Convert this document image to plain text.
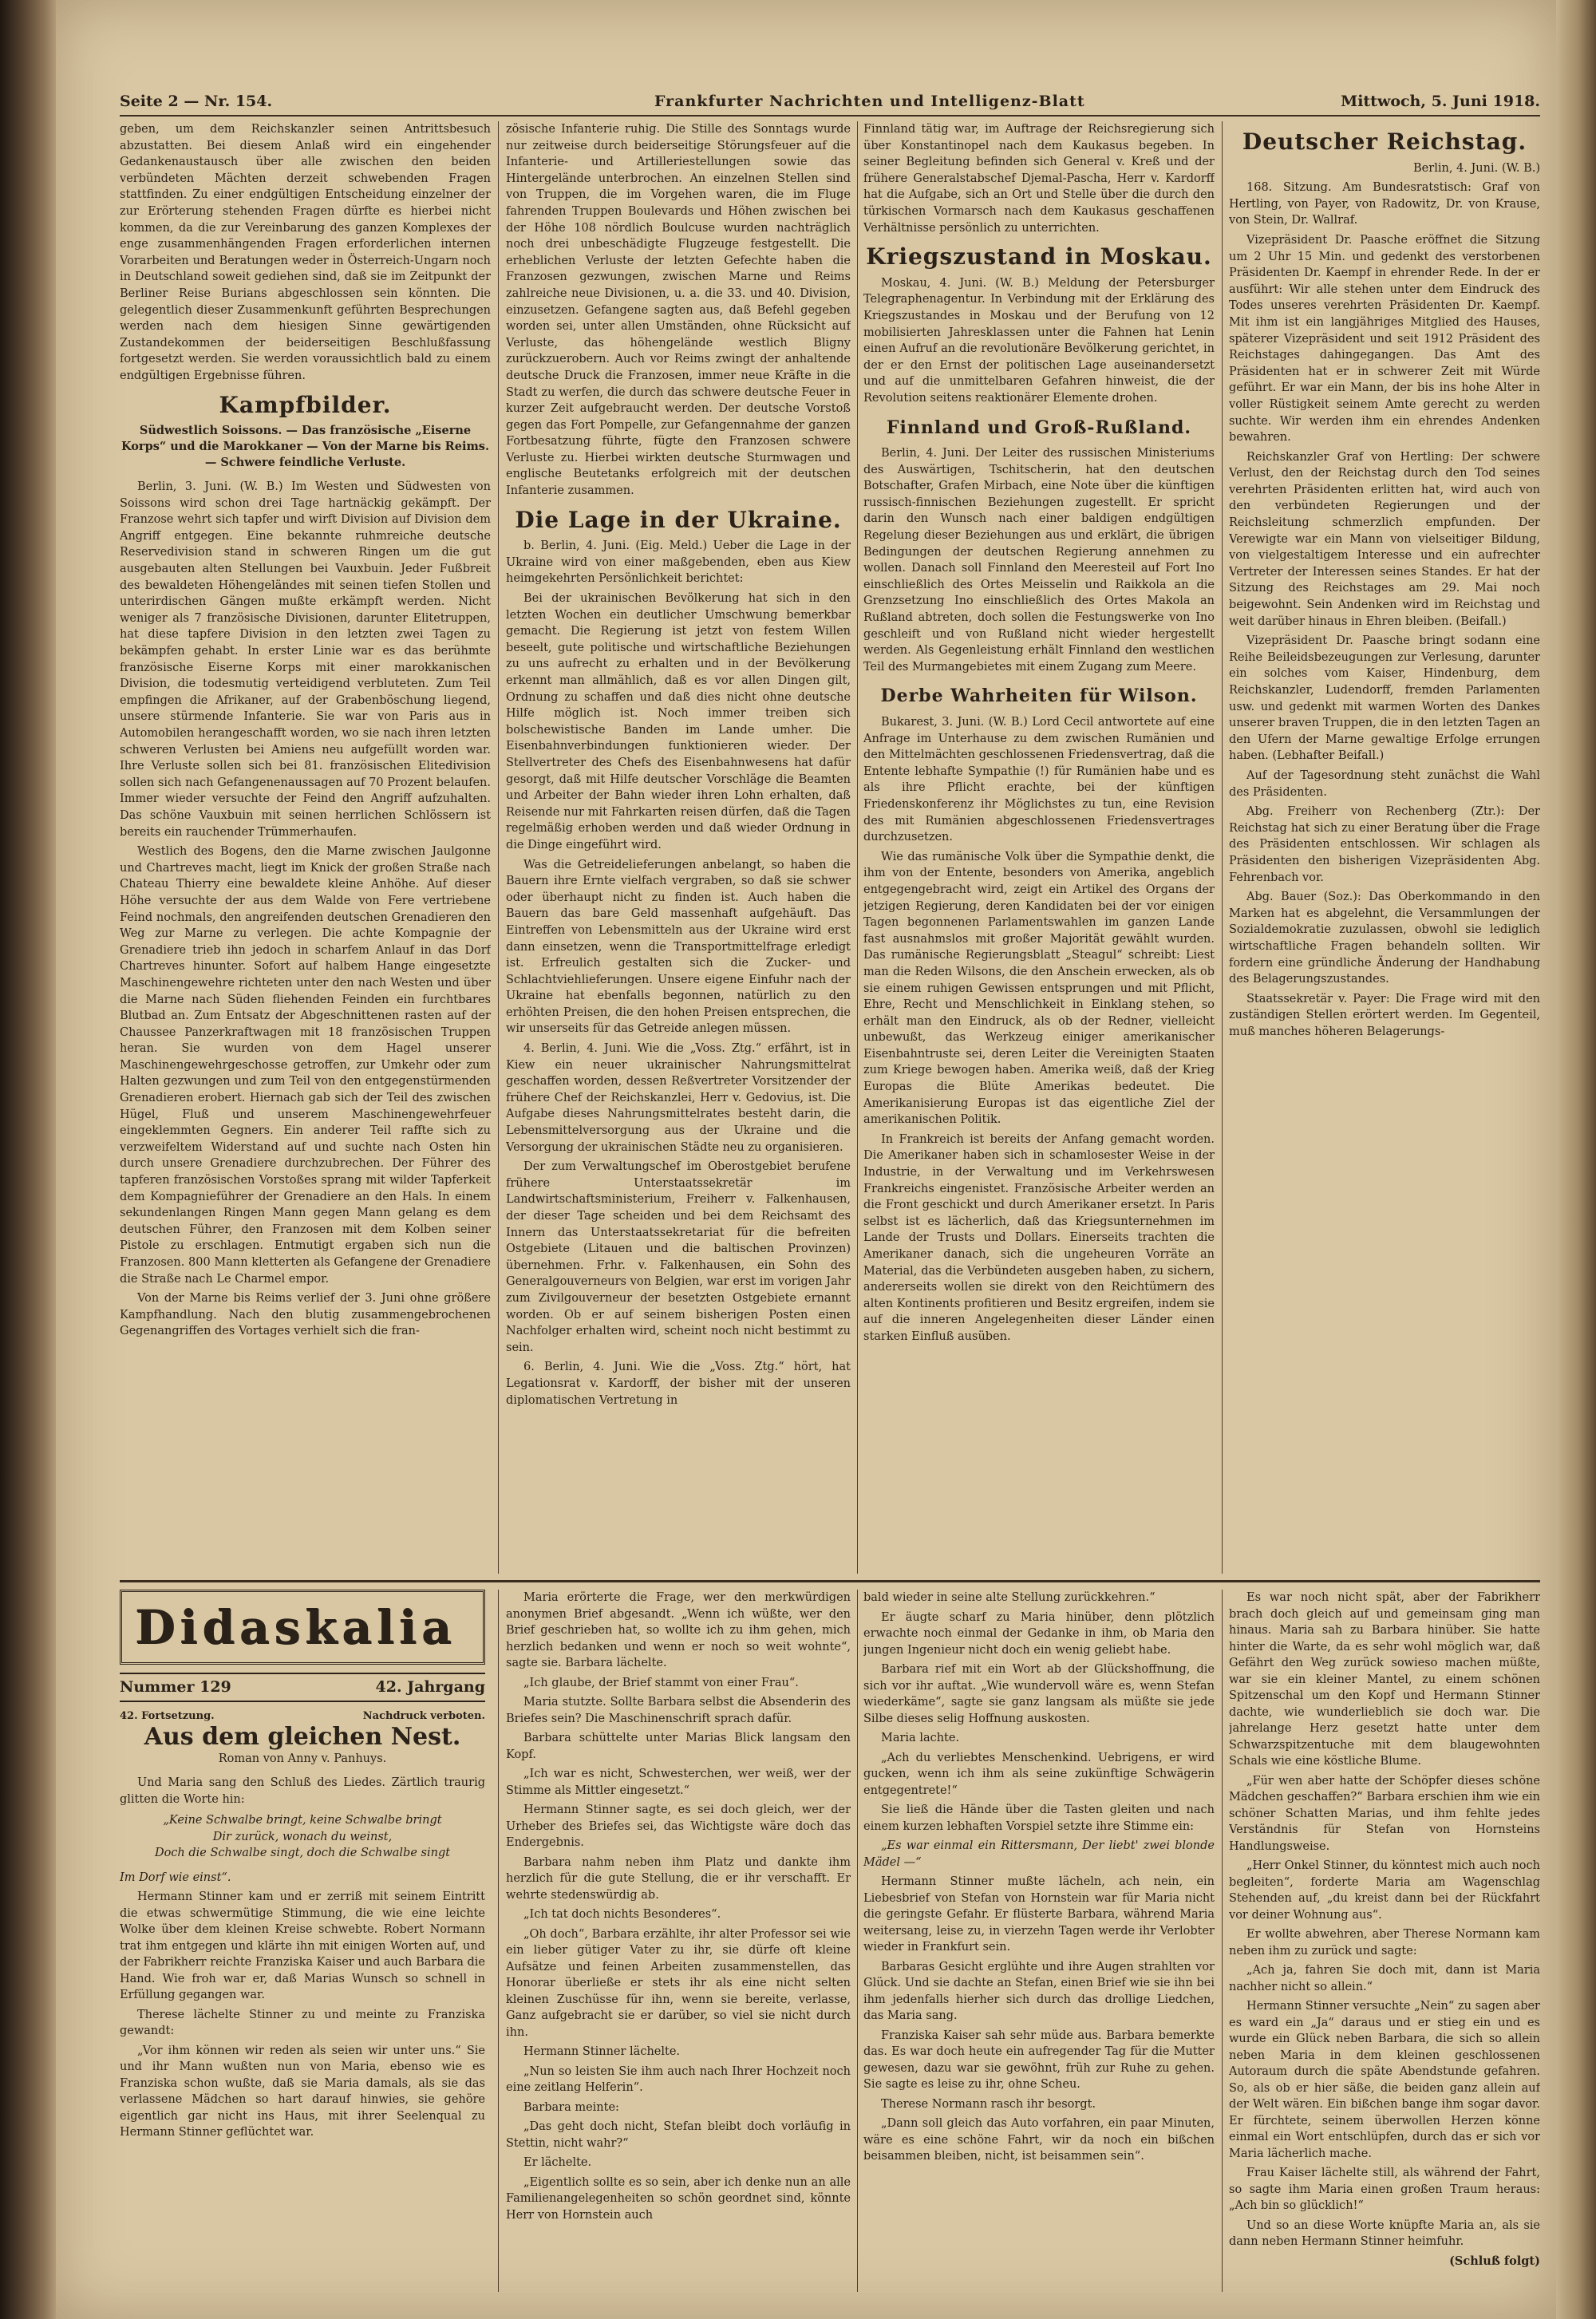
Seite 2 — Nr. 154.	Frankfurter Nachrichten und Intelligenz-Blatt	Mittwoch, 5. Juni 1918.

geben, um dem Reichskanzler seinen Antrittsbesuch abzustatten. Bei diesem Anlaß wird ein eingehender Gedankenaustausch über alle zwischen den beiden verbündeten Mächten derzeit schwebenden Fragen stattfinden. Zu einer endgültigen Entscheidung einzelner der zur Erörterung stehenden Fragen dürfte es hierbei nicht kommen, da die zur Vereinbarung des ganzen Komplexes der enge zusammenhängenden Fragen erforderlichen internen Vorarbeiten und Beratungen weder in Österreich-Ungarn noch in Deutschland soweit gediehen sind, daß sie im Zeitpunkt der Berliner Reise Burians abgeschlossen sein könnten. Die gelegentlich dieser Zusammenkunft geführten Besprechungen werden nach dem hiesigen Sinne gewärtigenden Zustandekommen der beiderseitigen Beschlußfassung fortgesetzt werden. Sie werden voraussichtlich bald zu einem endgültigen Ergebnisse führen.

Kampfbilder.
Südwestlich Soissons. — Das französische „Eiserne Korps“ und die Marokkaner — Von der Marne bis Reims. — Schwere feindliche Verluste.

Berlin, 3. Juni. (W. B.) Im Westen und Südwesten von Soissons wird schon drei Tage hartnäckig gekämpft. Der Franzose wehrt sich tapfer und wirft Division auf Division dem Angriff entgegen. Eine bekannte ruhmreiche deutsche Reservedivision stand in schweren Ringen um die gut ausgebauten alten Stellungen bei Vauxbuin. Jeder Fußbreit des bewaldeten Höhengeländes mit seinen tiefen Stollen und unterirdischen Gängen mußte erkämpft werden. Nicht weniger als 7 französische Divisionen, darunter Elitetruppen, hat diese tapfere Division in den letzten zwei Tagen zu bekämpfen gehabt. In erster Linie war es das berühmte französische Eiserne Korps mit einer marokkanischen Division, die todesmutig verteidigend verbluteten. Zum Teil empfingen die Afrikaner, auf der Grabenböschung liegend, unsere stürmende Infanterie. Sie war von Paris aus in Automobilen herangeschafft worden, wo sie nach ihren letzten schweren Verlusten bei Amiens neu aufgefüllt worden war. Ihre Verluste sollen sich bei 81. französischen Elitedivision sollen sich nach Gefangenenaussagen auf 70 Prozent belaufen. Immer wieder versuchte der Feind den Angriff aufzuhalten. Das schöne Vauxbuin mit seinen herrlichen Schlössern ist bereits ein rauchender Trümmerhaufen.

Westlich des Bogens, den die Marne zwischen Jaulgonne und Chartreves macht, liegt im Knick der großen Straße nach Chateau Thierry eine bewaldete kleine Anhöhe. Auf dieser Höhe versuchte der aus dem Walde von Fere vertriebene Feind nochmals, den angreifenden deutschen Grenadieren den Weg zur Marne zu verlegen. Die achte Kompagnie der Grenadiere trieb ihn jedoch in scharfem Anlauf in das Dorf Chartreves hinunter. Sofort auf halbem Hange eingesetzte Maschinengewehre richteten unter den nach Westen und über die Marne nach Süden fliehenden Feinden ein furchtbares Blutbad an. Zum Entsatz der Abgeschnittenen rasten auf der Chaussee Panzerkraftwagen mit 18 französischen Truppen heran. Sie wurden von dem Hagel unserer Maschinengewehrgeschosse getroffen, zur Umkehr oder zum Halten gezwungen und zum Teil von den entgegenstürmenden Grenadieren erobert. Hiernach gab sich der Teil des zwischen Hügel, Fluß und unserem Maschinengewehrfeuer eingeklemmten Gegners. Ein anderer Teil raffte sich zu verzweifeltem Widerstand auf und suchte nach Osten hin durch unsere Grenadiere durchzubrechen. Der Führer des tapferen französischen Vorstoßes sprang mit wilder Tapferkeit dem Kompagnieführer der Grenadiere an den Hals. In einem sekundenlangen Ringen Mann gegen Mann gelang es dem deutschen Führer, den Franzosen mit dem Kolben seiner Pistole zu erschlagen. Entmutigt ergaben sich nun die Franzosen. 800 Mann kletterten als Gefangene der Grenadiere die Straße nach Le Charmel empor.

Von der Marne bis Reims verlief der 3. Juni ohne größere Kampfhandlung. Nach den blutig zusammengebrochenen Gegenangriffen des Vortages verhielt sich die fran-

zösische Infanterie ruhig. Die Stille des Sonntags wurde nur zeitweise durch beiderseitige Störungsfeuer auf die Infanterie- und Artilleriestellungen sowie das Hintergelände unterbrochen. An einzelnen Stellen sind von Truppen, die im Vorgehen waren, die im Fluge fahrenden Truppen Boulevards und Höhen zwischen bei der Höhe 108 nördlich Boulcuse wurden nachträglich noch drei unbeschädigte Flugzeuge festgestellt. Die erheblichen Verluste der letzten Gefechte haben die Franzosen gezwungen, zwischen Marne und Reims zahlreiche neue Divisionen, u. a. die 33. und 40. Division, einzusetzen. Gefangene sagten aus, daß Befehl gegeben worden sei, unter allen Umständen, ohne Rücksicht auf Verluste, das höhengelände westlich Bligny zurückzuerobern. Auch vor Reims zwingt der anhaltende deutsche Druck die Franzosen, immer neue Kräfte in die Stadt zu werfen, die durch das schwere deutsche Feuer in kurzer Zeit aufgebraucht werden. Der deutsche Vorstoß gegen das Fort Pompelle, zur Gefangennahme der ganzen Fortbesatzung führte, fügte den Franzosen schwere Verluste zu. Hierbei wirkten deutsche Sturmwagen und englische Beutetanks erfolgreich mit der deutschen Infanterie zusammen.

Die Lage in der Ukraine.

b. Berlin, 4. Juni. (Eig. Meld.) Ueber die Lage in der Ukraine wird von einer maßgebenden, eben aus Kiew heimgekehrten Persönlichkeit berichtet:

Bei der ukrainischen Bevölkerung hat sich in den letzten Wochen ein deutlicher Umschwung bemerkbar gemacht. Die Regierung ist jetzt von festem Willen beseelt, gute politische und wirtschaftliche Beziehungen zu uns aufrecht zu erhalten und in der Bevölkerung erkennt man allmählich, daß es vor allen Dingen gilt, Ordnung zu schaffen und daß dies nicht ohne deutsche Hilfe möglich ist. Noch immer treiben sich bolschewistische Banden im Lande umher. Die Eisenbahnverbindungen funktionieren wieder. Der Stellvertreter des Chefs des Eisenbahnwesens hat dafür gesorgt, daß mit Hilfe deutscher Vorschläge die Beamten und Arbeiter der Bahn wieder ihren Lohn erhalten, daß Reisende nur mit Fahrkarten reisen dürfen, daß die Tagen regelmäßig erhoben werden und daß wieder Ordnung in die Dinge eingeführt wird.

Was die Getreidelieferungen anbelangt, so haben die Bauern ihre Ernte vielfach vergraben, so daß sie schwer oder überhaupt nicht zu finden ist. Auch haben die Bauern das bare Geld massenhaft aufgehäuft. Das Eintreffen von Lebensmitteln aus der Ukraine wird erst dann einsetzen, wenn die Transportmittelfrage erledigt ist. Erfreulich gestalten sich die Zucker- und Schlachtviehlieferungen. Unsere eigene Einfuhr nach der Ukraine hat ebenfalls begonnen, natürlich zu den erhöhten Preisen, die den hohen Preisen entsprechen, die wir unserseits für das Getreide anlegen müssen.

4. Berlin, 4. Juni. Wie die „Voss. Ztg.“ erfährt, ist in Kiew ein neuer ukrainischer Nahrungsmittelrat geschaffen worden, dessen Reßvertreter Vorsitzender der frühere Chef der Reichskanzlei, Herr v. Gedovius, ist. Die Aufgabe dieses Nahrungsmittelrates besteht darin, die Lebensmittelversorgung aus der Ukraine und die Versorgung der ukrainischen Städte neu zu organisieren.

Der zum Verwaltungschef im Oberostgebiet berufene frühere Unterstaatssekretär im Landwirtschaftsministerium, Freiherr v. Falkenhausen, der dieser Tage scheiden und bei dem Reichsamt des Innern das Unterstaatssekretariat für die befreiten Ostgebiete (Litauen und die baltischen Provinzen) übernehmen. Frhr. v. Falkenhausen, ein Sohn des Generalgouverneurs von Belgien, war erst im vorigen Jahr zum Zivilgouverneur der besetzten Ostgebiete ernannt worden. Ob er auf seinem bisherigen Posten einen Nachfolger erhalten wird, scheint noch nicht bestimmt zu sein.

6. Berlin, 4. Juni. Wie die „Voss. Ztg.“ hört, hat Legationsrat v. Kardorff, der bisher mit der unseren diplomatischen Vertretung in

Finnland tätig war, im Auftrage der Reichsregierung sich über Konstantinopel nach dem Kaukasus begeben. In seiner Begleitung befinden sich General v. Kreß und der frühere Generalstabschef Djemal-Pascha, Herr v. Kardorff hat die Aufgabe, sich an Ort und Stelle über die durch den türkischen Vormarsch nach dem Kaukasus geschaffenen Verhältnisse persönlich zu unterrichten.

Kriegszustand in Moskau.

Moskau, 4. Juni. (W. B.) Meldung der Petersburger Telegraphenagentur. In Verbindung mit der Erklärung des Kriegszustandes in Moskau und der Berufung von 12 mobilisierten Jahresklassen unter die Fahnen hat Lenin einen Aufruf an die revolutionäre Bevölkerung gerichtet, in der er den Ernst der politischen Lage auseinandersetzt und auf die unmittelbaren Gefahren hinweist, die der Revolution seitens reaktionärer Elemente drohen.

Finnland und Groß-Rußland.

Berlin, 4. Juni. Der Leiter des russischen Ministeriums des Auswärtigen, Tschitscherin, hat den deutschen Botschafter, Grafen Mirbach, eine Note über die künftigen russisch-finnischen Beziehungen zugestellt. Er spricht darin den Wunsch nach einer baldigen endgültigen Regelung dieser Beziehungen aus und erklärt, die übrigen Bedingungen der deutschen Regierung annehmen zu wollen. Danach soll Finnland den Meeresteil auf Fort Ino einschließlich des Ortes Meisselin und Raikkola an die Grenzsetzung Ino einschließlich des Ortes Makola an Rußland abtreten, doch sollen die Festungswerke von Ino geschleift und von Rußland nicht wieder hergestellt werden. Als Gegenleistung erhält Finnland den westlichen Teil des Murmangebietes mit einem Zugang zum Meere.

Derbe Wahrheiten für Wilson.

Bukarest, 3. Juni. (W. B.) Lord Cecil antwortete auf eine Anfrage im Unterhause zu dem zwischen Rumänien und den Mittelmächten geschlossenen Friedensvertrag, daß die Entente lebhafte Sympathie (!) für Rumänien habe und es als ihre Pflicht erachte, bei der künftigen Friedenskonferenz ihr Möglichstes zu tun, eine Revision des mit Rumänien abgeschlossenen Friedensvertrages durchzusetzen.

Wie das rumänische Volk über die Sympathie denkt, die ihm von der Entente, besonders von Amerika, angeblich entgegengebracht wird, zeigt ein Artikel des Organs der jetzigen Regierung, deren Kandidaten bei der vor einigen Tagen begonnenen Parlamentswahlen im ganzen Lande fast ausnahmslos mit großer Majorität gewählt wurden. Das rumänische Regierungsblatt „Steagul“ schreibt: Liest man die Reden Wilsons, die den Anschein erwecken, als ob sie einem ruhigen Gewissen entsprungen und mit Pflicht, Ehre, Recht und Menschlichkeit in Einklang stehen, so erhält man den Eindruck, als ob der Redner, vielleicht unbewußt, das Werkzeug einiger amerikanischer Eisenbahntruste sei, deren Leiter die Vereinigten Staaten zum Kriege bewogen haben. Amerika weiß, daß der Krieg Europas die Blüte Amerikas bedeutet. Die Amerikanisierung Europas ist das eigentliche Ziel der amerikanischen Politik.

In Frankreich ist bereits der Anfang gemacht worden. Die Amerikaner haben sich in schamlosester Weise in der Industrie, in der Verwaltung und im Verkehrswesen Frankreichs eingenistet. Französische Arbeiter werden an die Front geschickt und durch Amerikaner ersetzt. In Paris selbst ist es lächerlich, daß das Kriegsunternehmen im Lande der Trusts und Dollars. Einerseits trachten die Amerikaner danach, sich die ungeheuren Vorräte an Material, das die Verbündeten ausgeben haben, zu sichern, andererseits wollen sie direkt von den Reichtümern des alten Kontinents profitieren und Besitz ergreifen, indem sie auf die inneren Angelegenheiten dieser Länder einen starken Einfluß ausüben.

Deutscher Reichstag.

Berlin, 4. Juni. (W. B.)

168. Sitzung. Am Bundesratstisch: Graf von Hertling, von Payer, von Radowitz, Dr. von Krause, von Stein, Dr. Wallraf.

Vizepräsident Dr. Paasche eröffnet die Sitzung um 2 Uhr 15 Min. und gedenkt des verstorbenen Präsidenten Dr. Kaempf in ehrender Rede. In der er ausführt: Wir alle stehen unter dem Eindruck des Todes unseres verehrten Präsidenten Dr. Kaempf. Mit ihm ist ein langjähriges Mitglied des Hauses, späterer Vizepräsident und seit 1912 Präsident des Reichstages dahingegangen. Das Amt des Präsidenten hat er in schwerer Zeit mit Würde geführt. Er war ein Mann, der bis ins hohe Alter in voller Rüstigkeit seinem Amte gerecht zu werden suchte. Wir werden ihm ein ehrendes Andenken bewahren.

Reichskanzler Graf von Hertling: Der schwere Verlust, den der Reichstag durch den Tod seines verehrten Präsidenten erlitten hat, wird auch von den verbündeten Regierungen und der Reichsleitung schmerzlich empfunden. Der Verewigte war ein Mann von vielseitiger Bildung, von vielgestaltigem Interesse und ein aufrechter Vertreter der Interessen seines Standes. Er hat der Sitzung des Reichstages am 29. Mai noch beigewohnt. Sein Andenken wird im Reichstag und weit darüber hinaus in Ehren bleiben. (Beifall.)

Vizepräsident Dr. Paasche bringt sodann eine Reihe Beileidsbezeugungen zur Verlesung, darunter ein solches vom Kaiser, Hindenburg, dem Reichskanzler, Ludendorff, fremden Parlamenten usw. und gedenkt mit warmen Worten des Dankes unserer braven Truppen, die in den letzten Tagen an den Ufern der Marne gewaltige Erfolge errungen haben. (Lebhafter Beifall.)

Auf der Tagesordnung steht zunächst die Wahl des Präsidenten.

Abg. Freiherr von Rechenberg (Ztr.): Der Reichstag hat sich zu einer Beratung über die Frage des Präsidenten entschlossen. Wir schlagen als Präsidenten den bisherigen Vizepräsidenten Abg. Fehrenbach vor.

Abg. Bauer (Soz.): Das Oberkommando in den Marken hat es abgelehnt, die Versammlungen der Sozialdemokratie zuzulassen, obwohl sie lediglich wirtschaftliche Fragen behandeln sollten. Wir fordern eine gründliche Änderung der Handhabung des Belagerungszustandes.

Staatssekretär v. Payer: Die Frage wird mit den zuständigen Stellen erörtert werden. Im Gegenteil, muß manches höheren Belagerungs-

Didaskalia
Nummer 129	42. Jahrgang
42. Fortsetzung.	Nachdruck verboten.
Aus dem gleichen Nest.
Roman von Anny v. Panhuys.

Und Maria sang den Schluß des Liedes. Zärtlich traurig glitten die Worte hin:

„Keine Schwalbe bringt, keine Schwalbe bringt
Dir zurück, wonach du weinst,
Doch die Schwalbe singt, doch die Schwalbe singt

Im Dorf wie einst“.

Hermann Stinner kam und er zerriß mit seinem Eintritt die etwas schwermütige Stimmung, die wie eine leichte Wolke über dem kleinen Kreise schwebte. Robert Normann trat ihm entgegen und klärte ihn mit einigen Worten auf, und der Fabrikherr reichte Franziska Kaiser und auch Barbara die Hand. Wie froh war er, daß Marias Wunsch so schnell in Erfüllung gegangen war.

Therese lächelte Stinner zu und meinte zu Franziska gewandt:

„Vor ihm können wir reden als seien wir unter uns.“ Sie und ihr Mann wußten nun von Maria, ebenso wie es Franziska schon wußte, daß sie Maria damals, als sie das verlassene Mädchen so hart darauf hinwies, sie gehöre eigentlich gar nicht ins Haus, mit ihrer Seelenqual zu Hermann Stinner geflüchtet war.

Maria erörterte die Frage, wer den merkwürdigen anonymen Brief abgesandt. „Wenn ich wüßte, wer den Brief geschrieben hat, so wollte ich zu ihm gehen, mich herzlich bedanken und wenn er noch so weit wohnte“, sagte sie. Barbara lächelte.

„Ich glaube, der Brief stammt von einer Frau“.

Maria stutzte. Sollte Barbara selbst die Absenderin des Briefes sein? Die Maschinenschrift sprach dafür.

Barbara schüttelte unter Marias Blick langsam den Kopf.

„Ich war es nicht, Schwesterchen, wer weiß, wer der Stimme als Mittler eingesetzt.“

Hermann Stinner sagte, es sei doch gleich, wer der Urheber des Briefes sei, das Wichtigste wäre doch das Endergebnis.

Barbara nahm neben ihm Platz und dankte ihm herzlich für die gute Stellung, die er ihr verschafft. Er wehrte stedenswürdig ab.

„Ich tat doch nichts Besonderes“.

„Oh doch“, Barbara erzählte, ihr alter Professor sei wie ein lieber gütiger Vater zu ihr, sie dürfe oft kleine Aufsätze und feinen Arbeiten zusammenstellen, das Honorar überließe er stets ihr als eine nicht selten kleinen Zuschüsse für ihn, wenn sie bereite, verlasse, Ganz aufgebracht sie er darüber, so viel sie nicht durch ihn.

Hermann Stinner lächelte.

„Nun so leisten Sie ihm auch nach Ihrer Hochzeit noch eine zeitlang Helferin“.

Barbara meinte:

„Das geht doch nicht, Stefan bleibt doch vorläufig in Stettin, nicht wahr?“

Er lächelte.

„Eigentlich sollte es so sein, aber ich denke nun an alle Familienangelegenheiten so schön geordnet sind, könnte Herr von Hornstein auch

bald wieder in seine alte Stellung zurückkehren.“

Er äugte scharf zu Maria hinüber, denn plötzlich erwachte noch einmal der Gedanke in ihm, ob Maria den jungen Ingenieur nicht doch ein wenig geliebt habe.

Barbara rief mit ein Wort ab der Glückshoffnung, die sich vor ihr auftat. „Wie wundervoll wäre es, wenn Stefan wiederkäme“, sagte sie ganz langsam als müßte sie jede Silbe dieses selig Hoffnung auskosten.

Maria lachte.

„Ach du verliebtes Menschenkind. Uebrigens, er wird gucken, wenn ich ihm als seine zukünftige Schwägerin entgegentrete!“

Sie ließ die Hände über die Tasten gleiten und nach einem kurzen lebhaften Vorspiel setzte ihre Stimme ein:

„Es war einmal ein Rittersmann, Der liebt' zwei blonde Mädel —“

Hermann Stinner mußte lächeln, ach nein, ein Liebesbrief von Stefan von Hornstein war für Maria nicht die geringste Gefahr. Er flüsterte Barbara, während Maria weitersang, leise zu, in vierzehn Tagen werde ihr Verlobter wieder in Frankfurt sein.

Barbaras Gesicht erglühte und ihre Augen strahlten vor Glück. Und sie dachte an Stefan, einen Brief wie sie ihn bei ihm jedenfalls hierher sich durch das drollige Liedchen, das Maria sang.

Franziska Kaiser sah sehr müde aus. Barbara bemerkte das. Es war doch heute ein aufregender Tag für die Mutter gewesen, dazu war sie gewöhnt, früh zur Ruhe zu gehen. Sie sagte es leise zu ihr, ohne Scheu.

Therese Normann rasch ihr besorgt.

„Dann soll gleich das Auto vorfahren, ein paar Minuten, wäre es eine schöne Fahrt, wir da noch ein bißchen beisammen bleiben, nicht, ist beisammen sein“.

Es war noch nicht spät, aber der Fabrikherr brach doch gleich auf und gemeinsam ging man hinaus. Maria sah zu Barbara hinüber. Sie hatte hinter die Warte, da es sehr wohl möglich war, daß Gefährt den Weg zurück sowieso machen müßte, war sie ein kleiner Mantel, zu einem schönen Spitzenschal um den Kopf und Hermann Stinner dachte, wie wunderlieblich sie doch war. Die jahrelange Herz gesetzt hatte unter dem Schwarzspitzentuche mit dem blaugewohnten Schals wie eine köstliche Blume.

„Für wen aber hatte der Schöpfer dieses schöne Mädchen geschaffen?“ Barbara erschien ihm wie ein schöner Schatten Marias, und ihm fehlte jedes Verständnis für Stefan von Hornsteins Handlungsweise.

„Herr Onkel Stinner, du könntest mich auch noch begleiten“, forderte Maria am Wagenschlag Stehenden auf, „du kreist dann bei der Rückfahrt vor deiner Wohnung aus“.

Er wollte abwehren, aber Therese Normann kam neben ihm zu zurück und sagte:

„Ach ja, fahren Sie doch mit, dann ist Maria nachher nicht so allein.“

Hermann Stinner versuchte „Nein“ zu sagen aber es ward ein „Ja“ daraus und er stieg ein und es wurde ein Glück neben Barbara, die sich so allein neben Maria in dem kleinen geschlossenen Autoraum durch die späte Abendstunde gefahren. So, als ob er hier säße, die beiden ganz allein auf der Welt wären. Ein bißchen bange ihm sogar davor. Er fürchtete, seinem überwollen Herzen könne einmal ein Wort entschlüpfen, durch das er sich vor Maria lächerlich mache.

Frau Kaiser lächelte still, als während der Fahrt, so sagte ihm Maria einen großen Traum heraus: „Ach bin so glücklich!“

Und so an diese Worte knüpfte Maria an, als sie dann neben Hermann Stinner heimfuhr.

(Schluß folgt)
